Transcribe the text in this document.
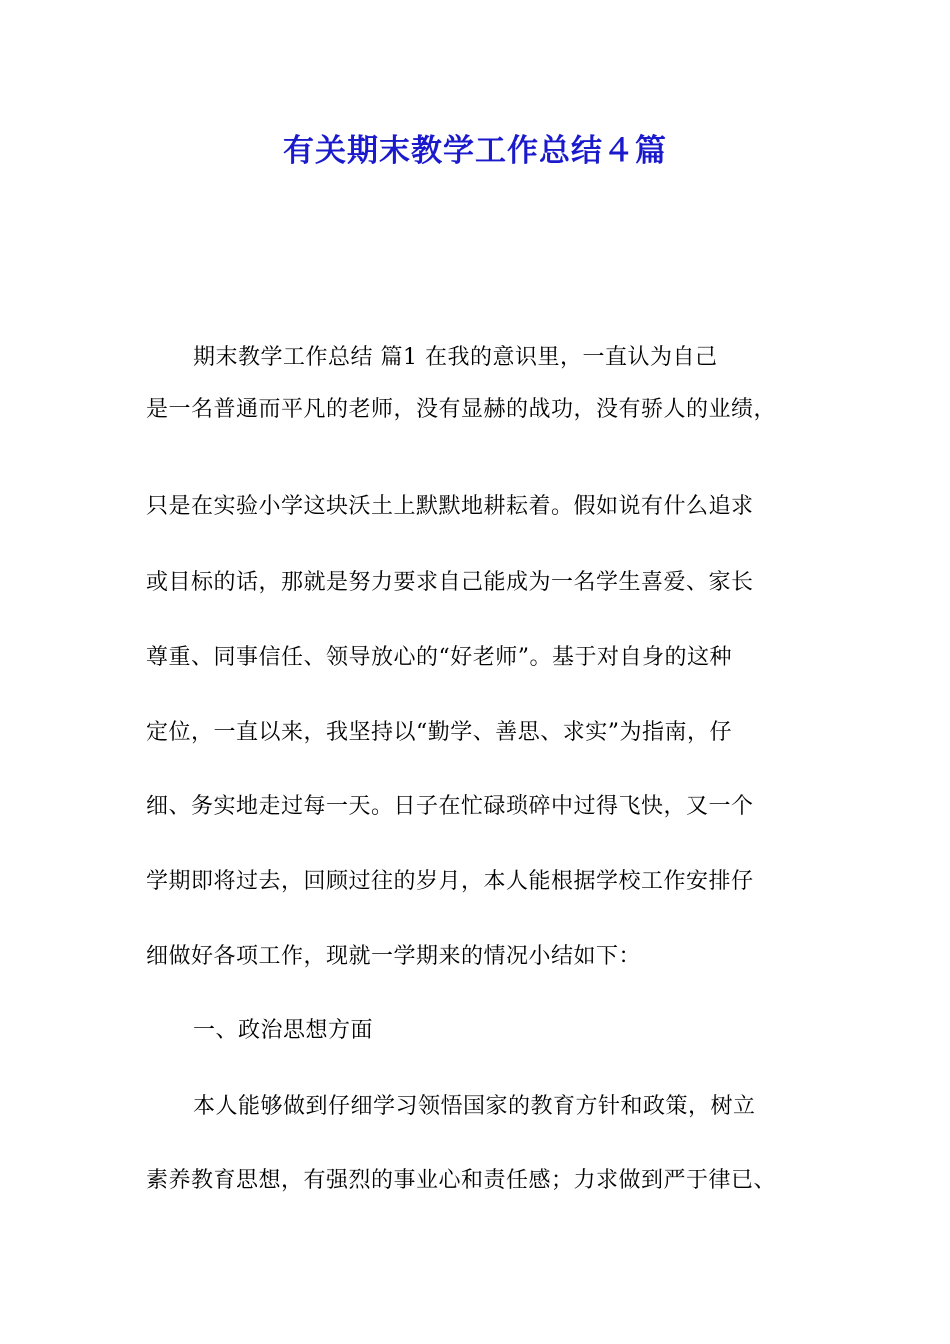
有关期末教学工作总结４篇
期末教学工作总结 篇1 在我的意识里，一直认为自己
是一名普通而平凡的老师，没有显赫的战功，没有骄人的业绩，
只是在实验小学这块沃土上默默地耕耘着。假如说有什么追求
或目标的话，那就是努力要求自己能成为一名学生喜爱、家长
尊重、同事信任、领导放心的“好老师”。基于对自身的这种
定位，一直以来，我坚持以“勤学、善思、求实”为指南，仔
细、务实地走过每一天。日子在忙碌琐碎中过得飞快，又一个
学期即将过去，回顾过往的岁月，本人能根据学校工作安排仔
细做好各项工作，现就一学期来的情况小结如下：
一、政治思想方面
本人能够做到仔细学习领悟国家的教育方针和政策，树立
素养教育思想，有强烈的事业心和责任感；力求做到严于律已、
